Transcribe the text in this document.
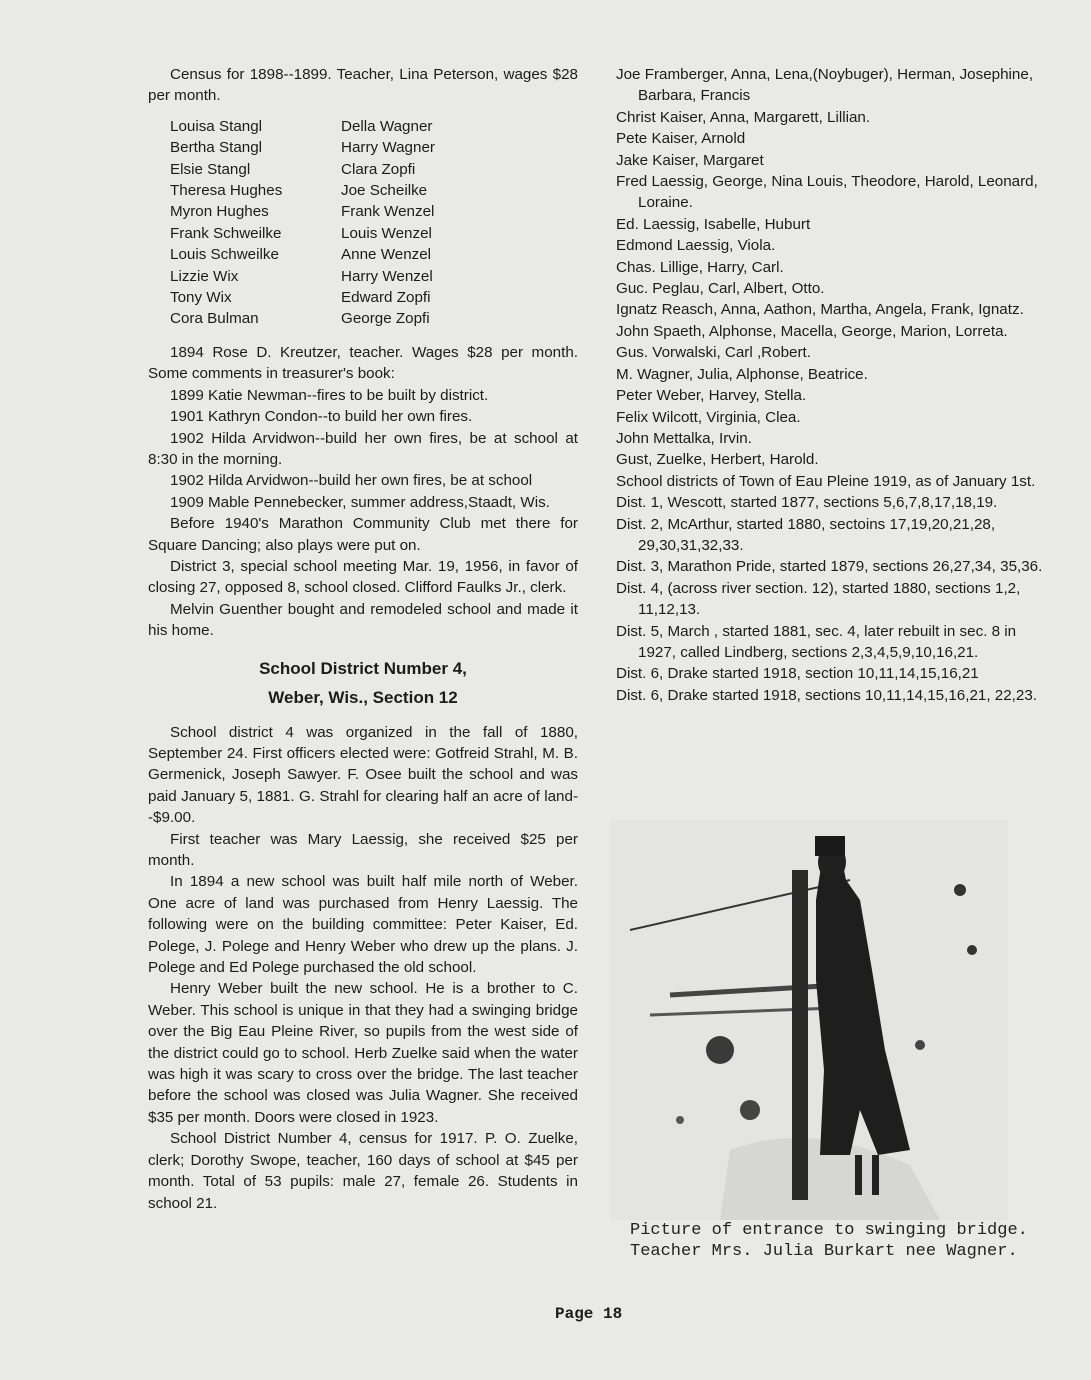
Census for 1898--1899. Teacher, Lina Peterson, wages $28 per month.

Louisa Stangl
Bertha Stangl
Elsie Stangl
Theresa Hughes
Myron Hughes
Frank Schweilke
Louis Schweilke
Lizzie Wix
Tony Wix
Cora Bulman
Della Wagner
Harry Wagner
Clara Zopfi
Joe Scheilke
Frank Wenzel
Louis Wenzel
Anne Wenzel
Harry Wenzel
Edward Zopfi
George Zopfi

1894 Rose D. Kreutzer, teacher. Wages $28 per month. Some comments in treasurer's book:

1899 Katie Newman--fires to be built by district.

1901 Kathryn Condon--to build her own fires.

1902 Hilda Arvidwon--build her own fires, be at school at 8:30 in the morning.

1902 Hilda Arvidwon--build her own fires, be at school

1909 Mable Pennebecker, summer address,Staadt, Wis.

Before 1940's Marathon Community Club met there for Square Dancing; also plays were put on.

District 3, special school meeting Mar. 19, 1956, in favor of closing 27, opposed 8, school closed. Clifford Faulks Jr., clerk.

Melvin Guenther bought and remodeled school and made it his home.

School District Number 4,
Weber, Wis., Section 12

School district 4 was organized in the fall of 1880, September 24. First officers elected were: Gotfreid Strahl, M. B. Germenick, Joseph Sawyer. F. Osee built the school and was paid January 5, 1881. G. Strahl for clearing half an acre of land--$9.00.

First teacher was Mary Laessig, she received $25 per month.

In 1894 a new school was built half mile north of Weber. One acre of land was purchased from Henry Laessig. The following were on the building committee: Peter Kaiser, Ed. Polege, J. Polege and Henry Weber who drew up the plans. J. Polege and Ed Polege purchased the old school.

Henry Weber built the new school. He is a brother to C. Weber. This school is unique in that they had a swinging bridge over the Big Eau Pleine River, so pupils from the west side of the district could go to school. Herb Zuelke said when the water was high it was scary to cross over the bridge. The last teacher before the school was closed was Julia Wagner. She received $35 per month. Doors were closed in 1923.

School District Number 4, census for 1917. P. O. Zuelke, clerk; Dorothy Swope, teacher, 160 days of school at $45 per month. Total of 53 pupils: male 27, female 26. Students in school 21.

Joe Framberger, Anna, Lena,(Noybuger), Herman, Josephine, Barbara, Francis

Christ Kaiser, Anna, Margarett, Lillian.

Pete Kaiser, Arnold

Jake Kaiser, Margaret

Fred Laessig, George, Nina Louis, Theodore, Harold, Leonard, Loraine.

Ed. Laessig, Isabelle, Huburt

Edmond Laessig, Viola.

Chas. Lillige, Harry, Carl.

Guc. Peglau, Carl, Albert, Otto.

Ignatz Reasch, Anna, Aathon, Martha, Angela, Frank, Ignatz.

John Spaeth, Alphonse, Macella, George, Marion, Lorreta.

Gus. Vorwalski, Carl ,Robert.

M. Wagner, Julia, Alphonse, Beatrice.

Peter Weber, Harvey, Stella.

Felix Wilcott, Virginia, Clea.

John Mettalka, Irvin.

Gust, Zuelke, Herbert, Harold.

School districts of Town of Eau Pleine 1919, as of January 1st.

Dist. 1, Wescott, started 1877, sections 5,6,7,8,17,18,19.

Dist. 2, McArthur, started 1880, sectoins 17,19,20,21,28, 29,30,31,32,33.

Dist. 3, Marathon Pride, started 1879, sections 26,27,34, 35,36.

Dist. 4, (across river section. 12), started 1880, sections 1,2, 11,12,13.

Dist. 5, March , started 1881, sec. 4, later rebuilt in sec. 8 in 1927, called Lindberg, sections 2,3,4,5,9,10,16,21.

Dist. 6, Drake started 1918, section 10,11,14,15,16,21

Dist. 6, Drake started 1918, sections 10,11,14,15,16,21, 22,23.

Picture of entrance to swinging bridge. Teacher Mrs. Julia Burkart nee Wagner.
Page 18
